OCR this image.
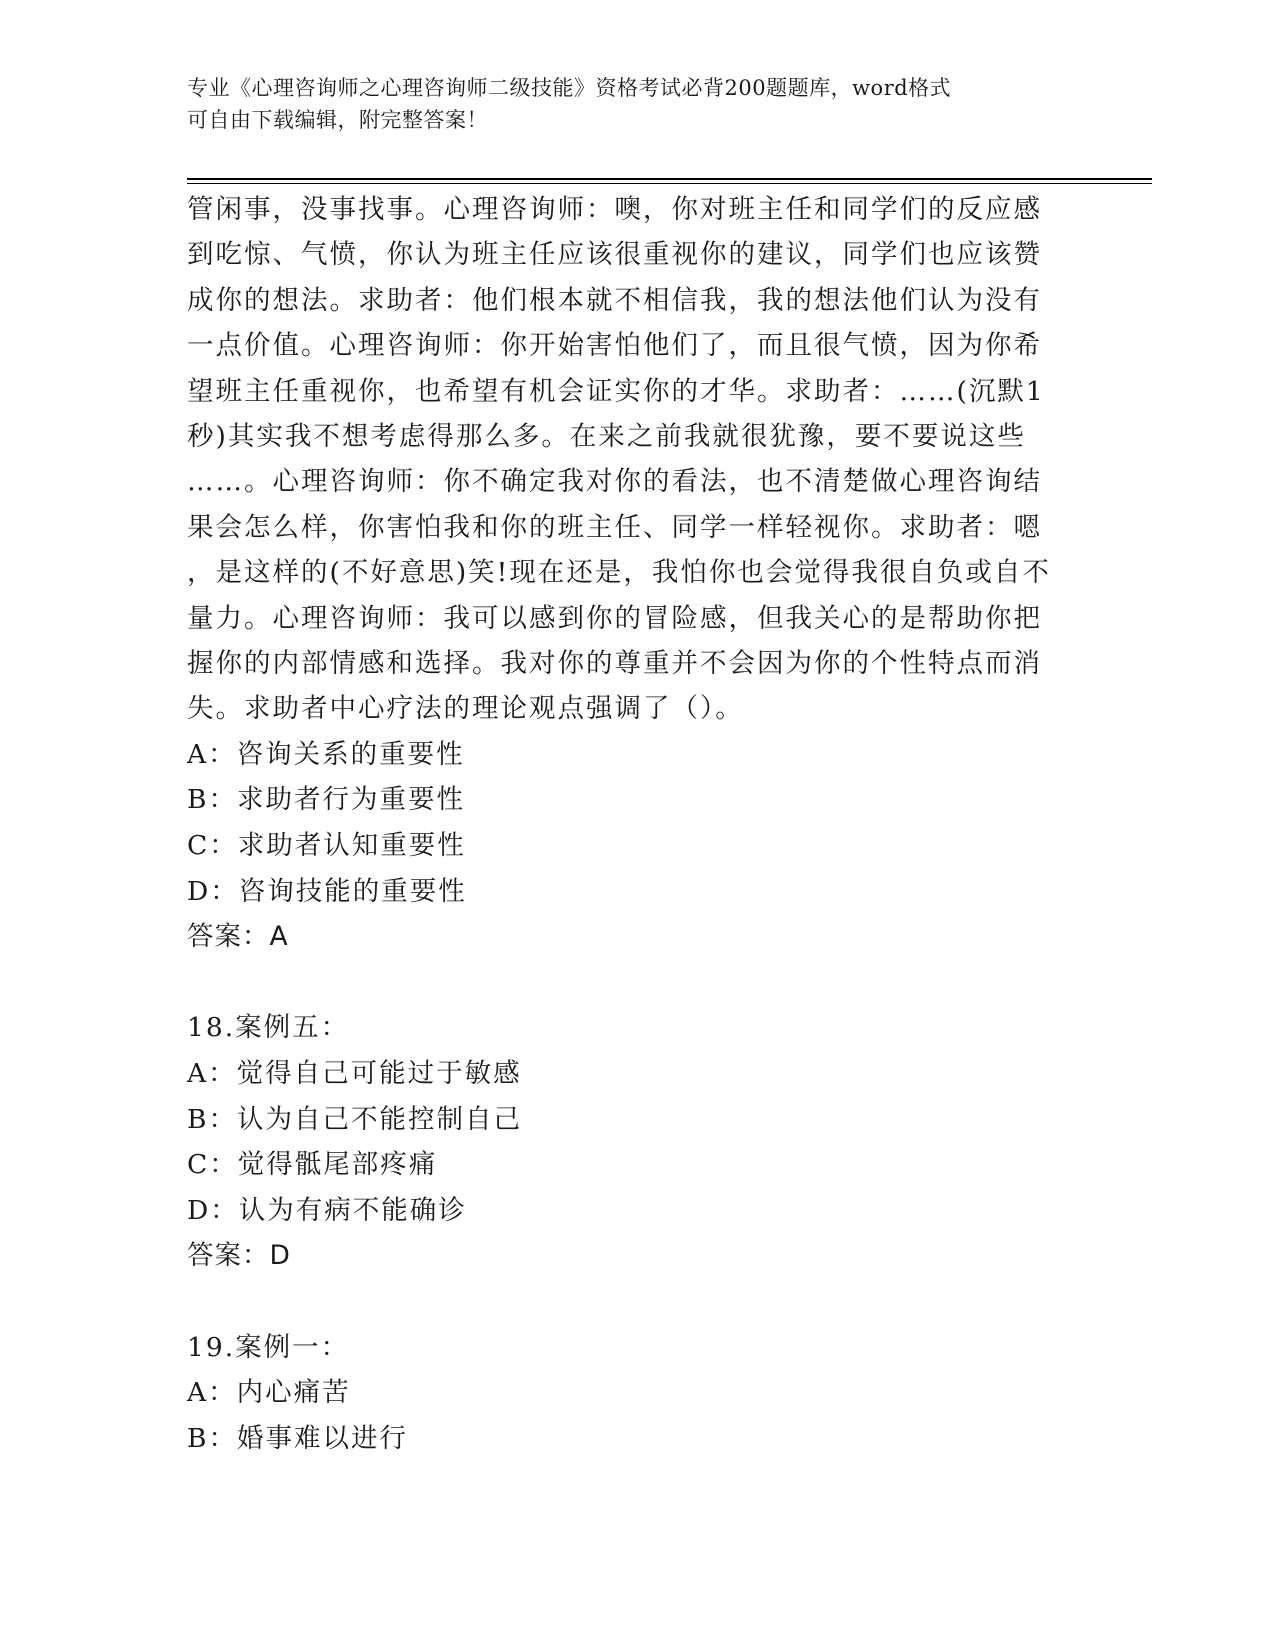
专业《心理咨询师之心理咨询师二级技能》资格考试必背200题题库，word格式
可自由下载编辑，附完整答案！
管闲事，没事找事。心理咨询师：噢，你对班主任和同学们的反应感
到吃惊、气愤，你认为班主任应该很重视你的建议，同学们也应该赞
成你的想法。求助者：他们根本就不相信我，我的想法他们认为没有
一点价值。心理咨询师：你开始害怕他们了，而且很气愤，因为你希
望班主任重视你，也希望有机会证实你的才华。求助者：……(沉默1
秒)其实我不想考虑得那么多。在来之前我就很犹豫，要不要说这些
……。心理咨询师：你不确定我对你的看法，也不清楚做心理咨询结
果会怎么样，你害怕我和你的班主任、同学一样轻视你。求助者：嗯
，是这样的(不好意思)笑!现在还是，我怕你也会觉得我很自负或自不
量力。心理咨询师：我可以感到你的冒险感，但我关心的是帮助你把
握你的内部情感和选择。我对你的尊重并不会因为你的个性特点而消
失。求助者中心疗法的理论观点强调了（）。

A：咨询关系的重要性

B：求助者行为重要性

C：求助者认知重要性

D：咨询技能的重要性

答案：A

18.案例五：

A：觉得自己可能过于敏感

B：认为自己不能控制自己

C：觉得骶尾部疼痛

D：认为有病不能确诊

答案：D

19.案例一：

A：内心痛苦

B：婚事难以进行
